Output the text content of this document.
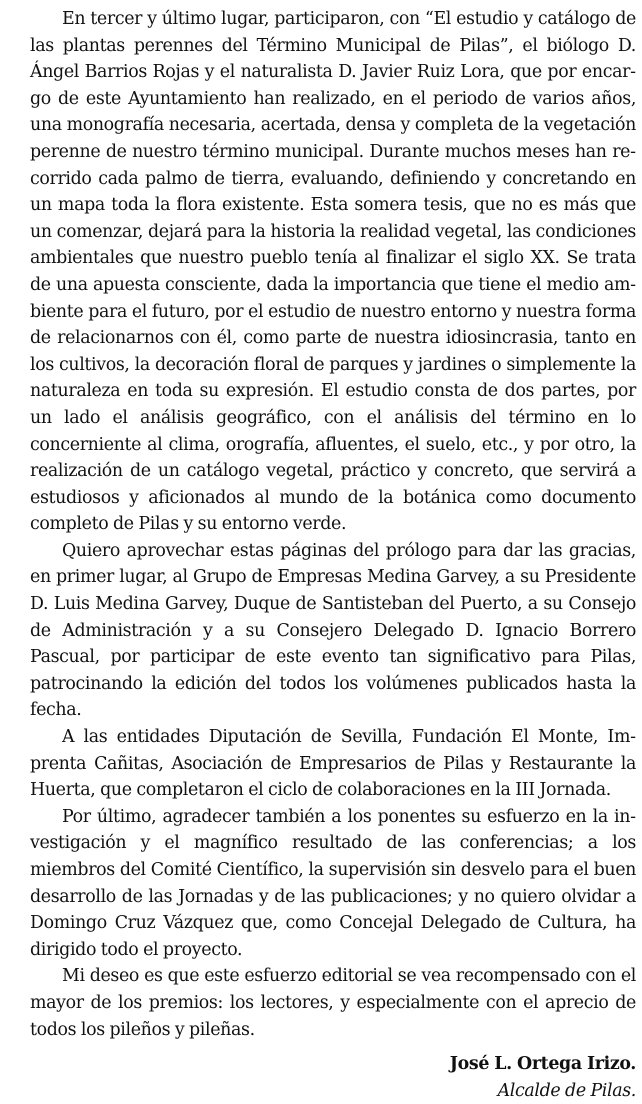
En tercer y último lugar, participaron, con “El estudio y catálogo de las plantas perennes del Término Municipal de Pilas”, el biólogo D. Ángel Barrios Rojas y el naturalista D. Javier Ruiz Lora, que por encargo de este Ayuntamiento han realizado, en el periodo de varios años, una monografía necesaria, acertada, densa y completa de la vegetación perenne de nuestro término municipal. Durante muchos meses han recorrido cada palmo de tierra, evaluando, definiendo y concretando en un mapa toda la flora existente. Esta somera tesis, que no es más que un comenzar, dejará para la historia la realidad vegetal, las condiciones ambientales que nuestro pueblo tenía al finalizar el siglo XX. Se trata de una apuesta consciente, dada la importancia que tiene el medio ambiente para el futuro, por el estudio de nuestro entorno y nuestra forma de relacionarnos con él, como parte de nuestra idiosincrasia, tanto en los cultivos, la decoración floral de parques y jardines o simplemente la naturaleza en toda su expresión. El estudio consta de dos partes, por un lado el análisis geográfico, con el análisis del término en lo concerniente al clima, orografía, afluentes, el suelo, etc., y por otro, la realización de un catálogo vegetal, práctico y concreto, que servirá a estudiosos y aficionados al mundo de la botánica como documento completo de Pilas y su entorno verde.

Quiero aprovechar estas páginas del prólogo para dar las gracias, en primer lugar, al Grupo de Empresas Medina Garvey, a su Presidente D. Luis Medina Garvey, Duque de Santisteban del Puerto, a su Consejo de Administración y a su Consejero Delegado D. Ignacio Borrero Pascual, por participar de este evento tan significativo para Pilas, patrocinando la edición del todos los volúmenes publicados hasta la fecha.

A las entidades Diputación de Sevilla, Fundación El Monte, Imprenta Cañitas, Asociación de Empresarios de Pilas y Restaurante la Huerta, que completaron el ciclo de colaboraciones en la III Jornada.

Por último, agradecer también a los ponentes su esfuerzo en la investigación y el magnífico resultado de las conferencias; a los miembros del Comité Científico, la supervisión sin desvelo para el buen desarrollo de las Jornadas y de las publicaciones; y no quiero olvidar a Domingo Cruz Vázquez que, como Concejal Delegado de Cultura, ha dirigido todo el proyecto.

Mi deseo es que este esfuerzo editorial se vea recompensado con el mayor de los premios: los lectores, y especialmente con el aprecio de todos los pileños y pileñas.

José L. Ortega Irizo.
Alcalde de Pilas.
